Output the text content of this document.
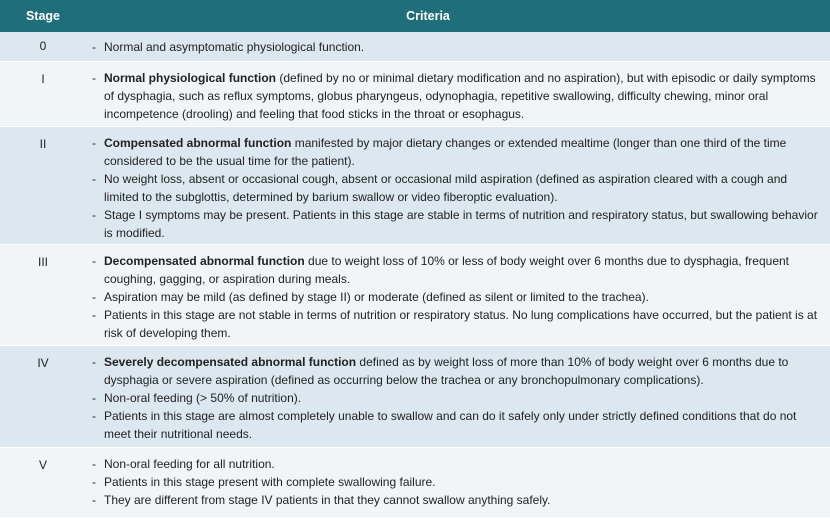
Stage	Criteria
0	- Normal and asymptomatic physiological function.
I	- Normal physiological function (defined by no or minimal dietary modification and no aspiration), but with episodic or daily symptoms of dysphagia, such as reflux symptoms, globus pharyngeus, odynophagia, repetitive swallowing, difficulty chewing, minor oral incompetence (drooling) and feeling that food sticks in the throat or esophagus.
II	- Compensated abnormal function manifested by major dietary changes or extended mealtime (longer than one third of the time considered to be the usual time for the patient).
- No weight loss, absent or occasional cough, absent or occasional mild aspiration (defined as aspiration cleared with a cough and limited to the subglottis, determined by barium swallow or video fiberoptic evaluation).
- Stage I symptoms may be present. Patients in this stage are stable in terms of nutrition and respiratory status, but swallowing behavior is modified.
III	- Decompensated abnormal function due to weight loss of 10% or less of body weight over 6 months due to dysphagia, frequent coughing, gagging, or aspiration during meals.
- Aspiration may be mild (as defined by stage II) or moderate (defined as silent or limited to the trachea).
- Patients in this stage are not stable in terms of nutrition or respiratory status. No lung complications have occurred, but the patient is at risk of developing them.
IV	- Severely decompensated abnormal function defined as by weight loss of more than 10% of body weight over 6 months due to dysphagia or severe aspiration (defined as occurring below the trachea or any bronchopulmonary complications).
- Non-oral feeding (> 50% of nutrition).
- Patients in this stage are almost completely unable to swallow and can do it safely only under strictly defined conditions that do not meet their nutritional needs.
V	- Non-oral feeding for all nutrition.
- Patients in this stage present with complete swallowing failure.
- They are different from stage IV patients in that they cannot swallow anything safely.
